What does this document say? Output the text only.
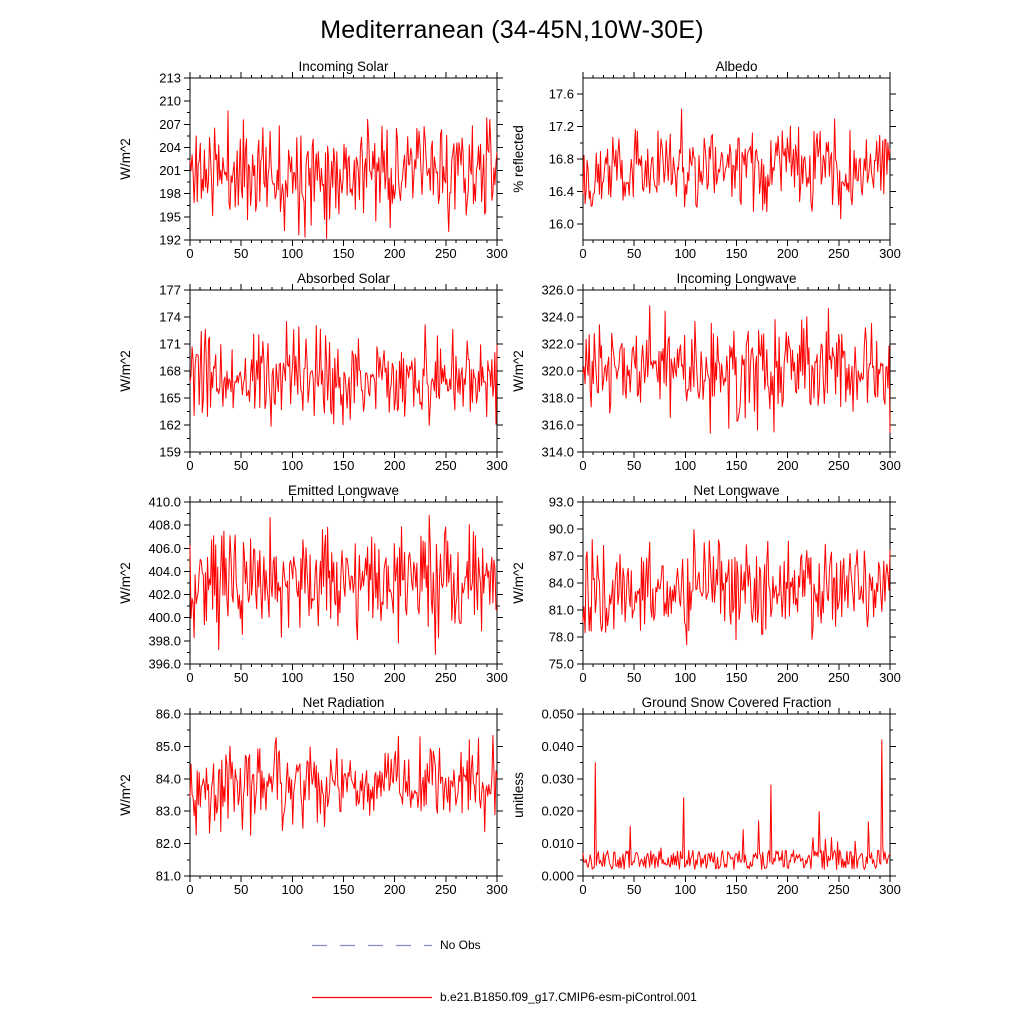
Mediterranean (34-45N,10W-30E)
Incoming Solar
W/m^2
0	50	100 150 200 250 300
192
195
198
201
204
207
210
213
Albedo
% reflected
0	50	100 150 200 250 300
16.0
16.4
16.8
17.2
17.6
Absorbed Solar
W/m^2
0	50	100 150 200 250 300
159
162
165
168
171
174
177
Incoming Longwave
W/m^2
0	50	100 150 200 250 300
314.0
316.0
318.0
320.0
322.0
324.0
326.0
Emitted Longwave
W/m^2
0	50	100 150 200 250 300
396.0
398.0
400.0
402.0
404.0
406.0
408.0
410.0
Net Longwave
W/m^2
0	50	100 150 200 250 300
75.0
78.0
81.0
84.0
87.0
90.0
93.0
Net Radiation
W/m^2
0	50	100 150 200 250 300
81.0
82.0
83.0
84.0
85.0
86.0
Ground Snow Covered Fraction
unitless
0	50	100 150 200 250 300
0.000
0.010
0.020
0.030
0.040
0.050
No Obs
b.e21.B1850.f09_g17.CMIP6-esm-piControl.001
